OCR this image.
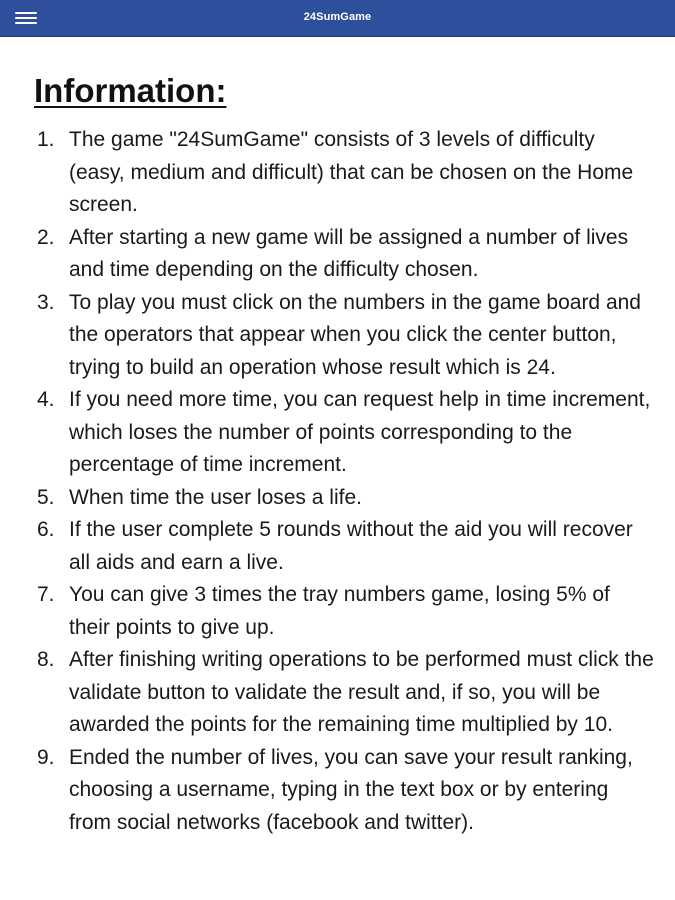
24SumGame
Information:
1. The game "24SumGame" consists of 3 levels of difficulty (easy, medium and difficult) that can be chosen on the Home screen.
2. After starting a new game will be assigned a number of lives and time depending on the difficulty chosen.
3. To play you must click on the numbers in the game board and the operators that appear when you click the center button, trying to build an operation whose result which is 24.
4. If you need more time, you can request help in time increment, which loses the number of points corresponding to the percentage of time increment.
5. When time the user loses a life.
6. If the user complete 5 rounds without the aid you will recover all aids and earn a live.
7. You can give 3 times the tray numbers game, losing 5% of their points to give up.
8. After finishing writing operations to be performed must click the validate button to validate the result and, if so, you will be awarded the points for the remaining time multiplied by 10.
9. Ended the number of lives, you can save your result ranking, choosing a username, typing in the text box or by entering from social networks (facebook and twitter).
